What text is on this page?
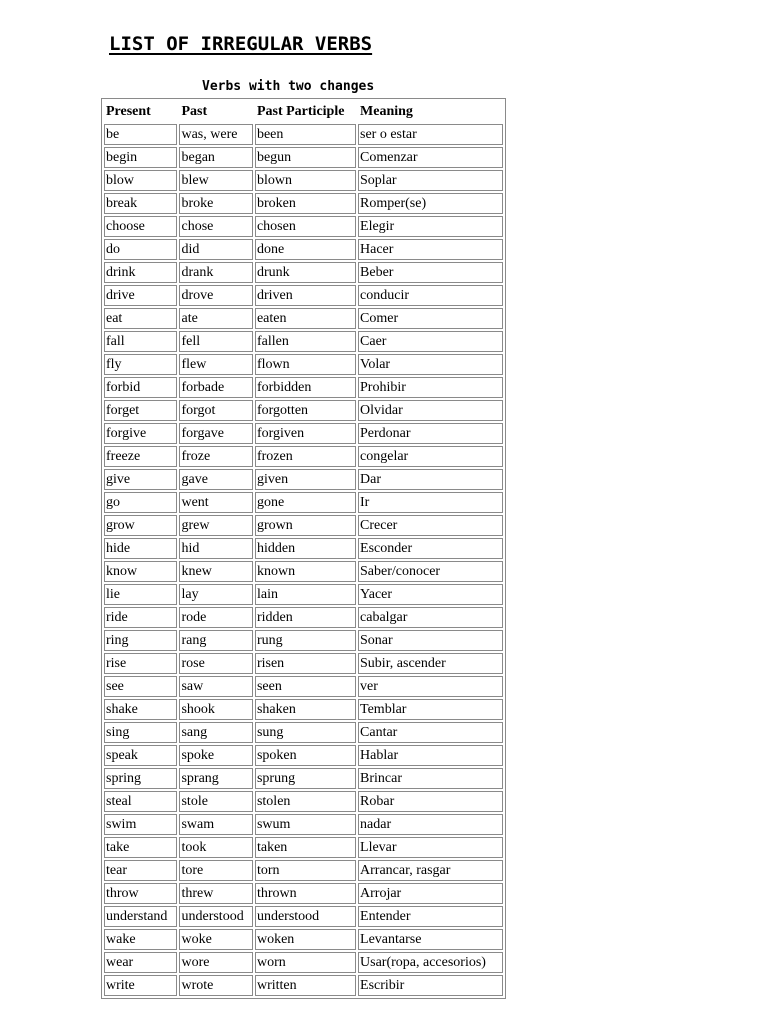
LIST OF IRREGULAR VERBS
Verbs with two changes
Present	Past	Past Participle	Meaning
be	was, were	been	ser o estar
begin	began	begun	Comenzar
blow	blew	blown	Soplar
break	broke	broken	Romper(se)
choose	chose	chosen	Elegir
do	did	done	Hacer
drink	drank	drunk	Beber
drive	drove	driven	conducir
eat	ate	eaten	Comer
fall	fell	fallen	Caer
fly	flew	flown	Volar
forbid	forbade	forbidden	Prohibir
forget	forgot	forgotten	Olvidar
forgive	forgave	forgiven	Perdonar
freeze	froze	frozen	congelar
give	gave	given	Dar
go	went	gone	Ir
grow	grew	grown	Crecer
hide	hid	hidden	Esconder
know	knew	known	Saber/conocer
lie	lay	lain	Yacer
ride	rode	ridden	cabalgar
ring	rang	rung	Sonar
rise	rose	risen	Subir, ascender
see	saw	seen	ver
shake	shook	shaken	Temblar
sing	sang	sung	Cantar
speak	spoke	spoken	Hablar
spring	sprang	sprung	Brincar
steal	stole	stolen	Robar
swim	swam	swum	nadar
take	took	taken	Llevar
tear	tore	torn	Arrancar, rasgar
throw	threw	thrown	Arrojar
understand	understood	understood	Entender
wake	woke	woken	Levantarse
wear	wore	worn	Usar(ropa, accesorios)
write	wrote	written	Escribir
